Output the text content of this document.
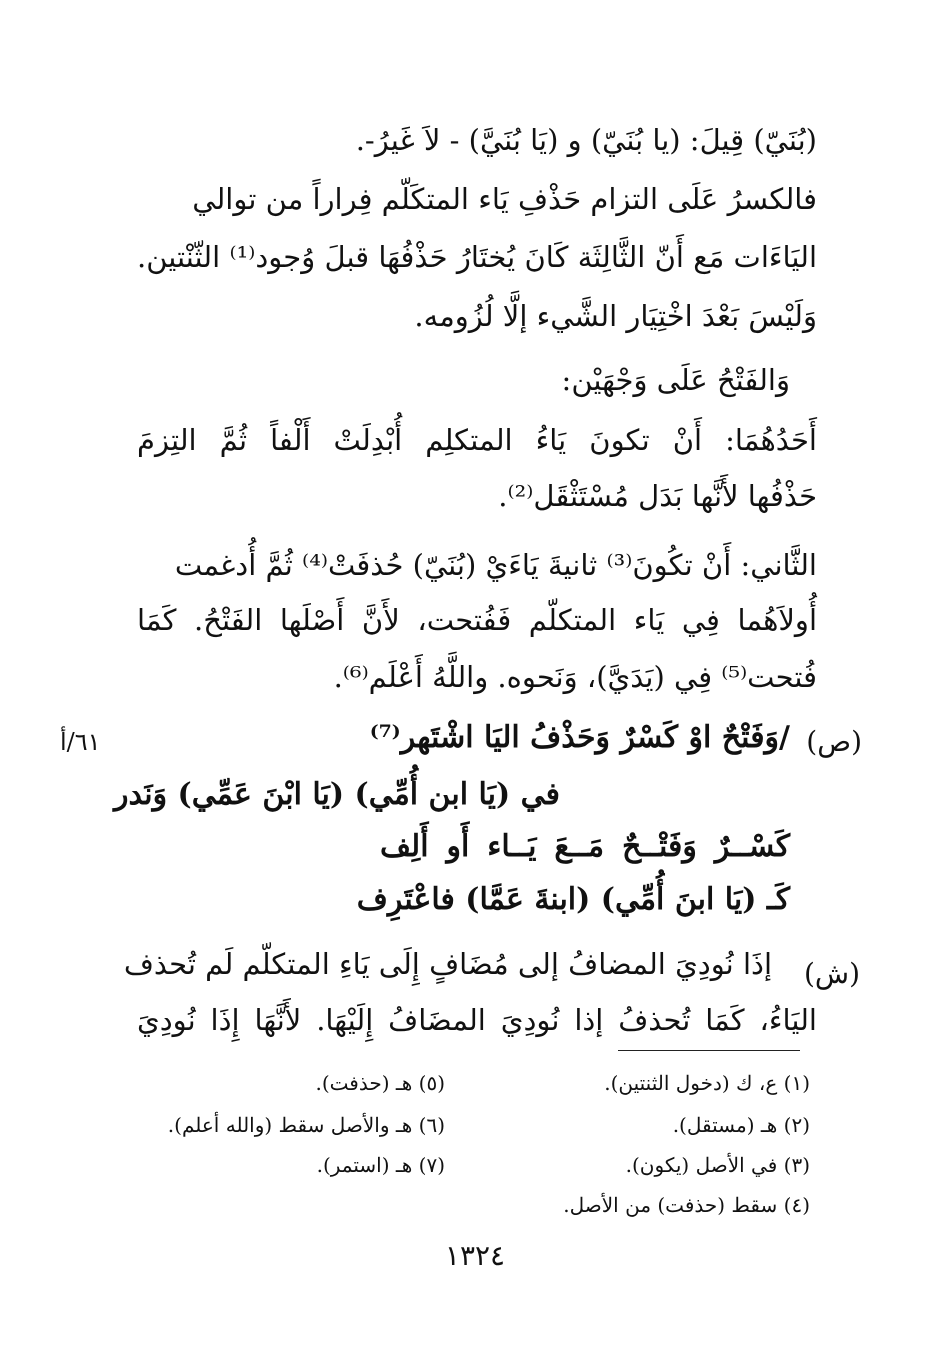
(بُنَيّ) قِيلَ: (يا بُنَيّ) و (يَا بُنَيَّ) - لاَ غَيرُ-.
فالكسرُ عَلَى التزام حَذْفِ يَاء المتكَلّم فِراراً من توالي
اليَاءَات مَع أَنّ الثَّالِثَة كَانَ يُختَارُ حَذْفُهَا قبلَ وُجود⁽¹⁾ الثّنْتين.
وَلَيْسَ بَعْدَ اخْتِيَار الشَّيء إلَّا لُزُومه.
وَالفَتْحُ عَلَى وَجْهَيْن:
أَحَدُهُمَا: أَنْ تكونَ يَاءُ المتكلِم أُبْدِلَتْ أَلْفاً ثُمَّ التِزمَ
حَذْفُها لأَنَّها بَدَل مُسْتَثْقَل⁽²⁾.
الثَّاني: أَنْ تكُونَ⁽³⁾ ثانيةَ يَاءَيْ (بُنَيّ) حُذفَتْ⁽⁴⁾ ثُمَّ أُدغمت
أُولاَهُما فِي يَاء المتكلّم فَفُتحت، لأَنَّ أَصْلَها الفَتْحُ. كَمَا
فُتحت⁽⁵⁾ فِي (يَدَيَّ)، وَنَحوه. واللَّهُ أَعْلَم⁽⁶⁾.
(ص)
٦١/أ	/وَفَتْحٌ اوْ كَسْرٌ وَحَذْفُ اليَا اشْتَهر⁽⁷⁾
في (يَا ابن أُمِّي) (يَا ابْنَ عَمِّي) وَنَدر
كَسْــرٌ وَفَتْــحٌ مَــعَ يَــاء أَو أَلِف
كَـ (يَا ابنَ أُمِّي) (ابنةَ عَمَّا) فاعْتَرِف
(ش)
إذَا نُودِيَ المضافُ إلى مُضَافٍ إِلَى يَاءِ المتكلّم لَم تُحذف
اليَاءُ، كَمَا تُحذفُ إذا نُودِيَ المضَافُ إِلَيْهَا. لأَنَّهَا إِذَا نُودِيَ
(١) ع، ك (دخول الثنتين).
(٢) هـ (مستقل).
(٣) في الأصل (يكون).
(٤) سقط (حذفت) من الأصل.
(٥) هـ (حذفت).
(٦) هـ والأصل سقط (والله أعلم).
(٧) هـ (استمر).
١٣٢٤
